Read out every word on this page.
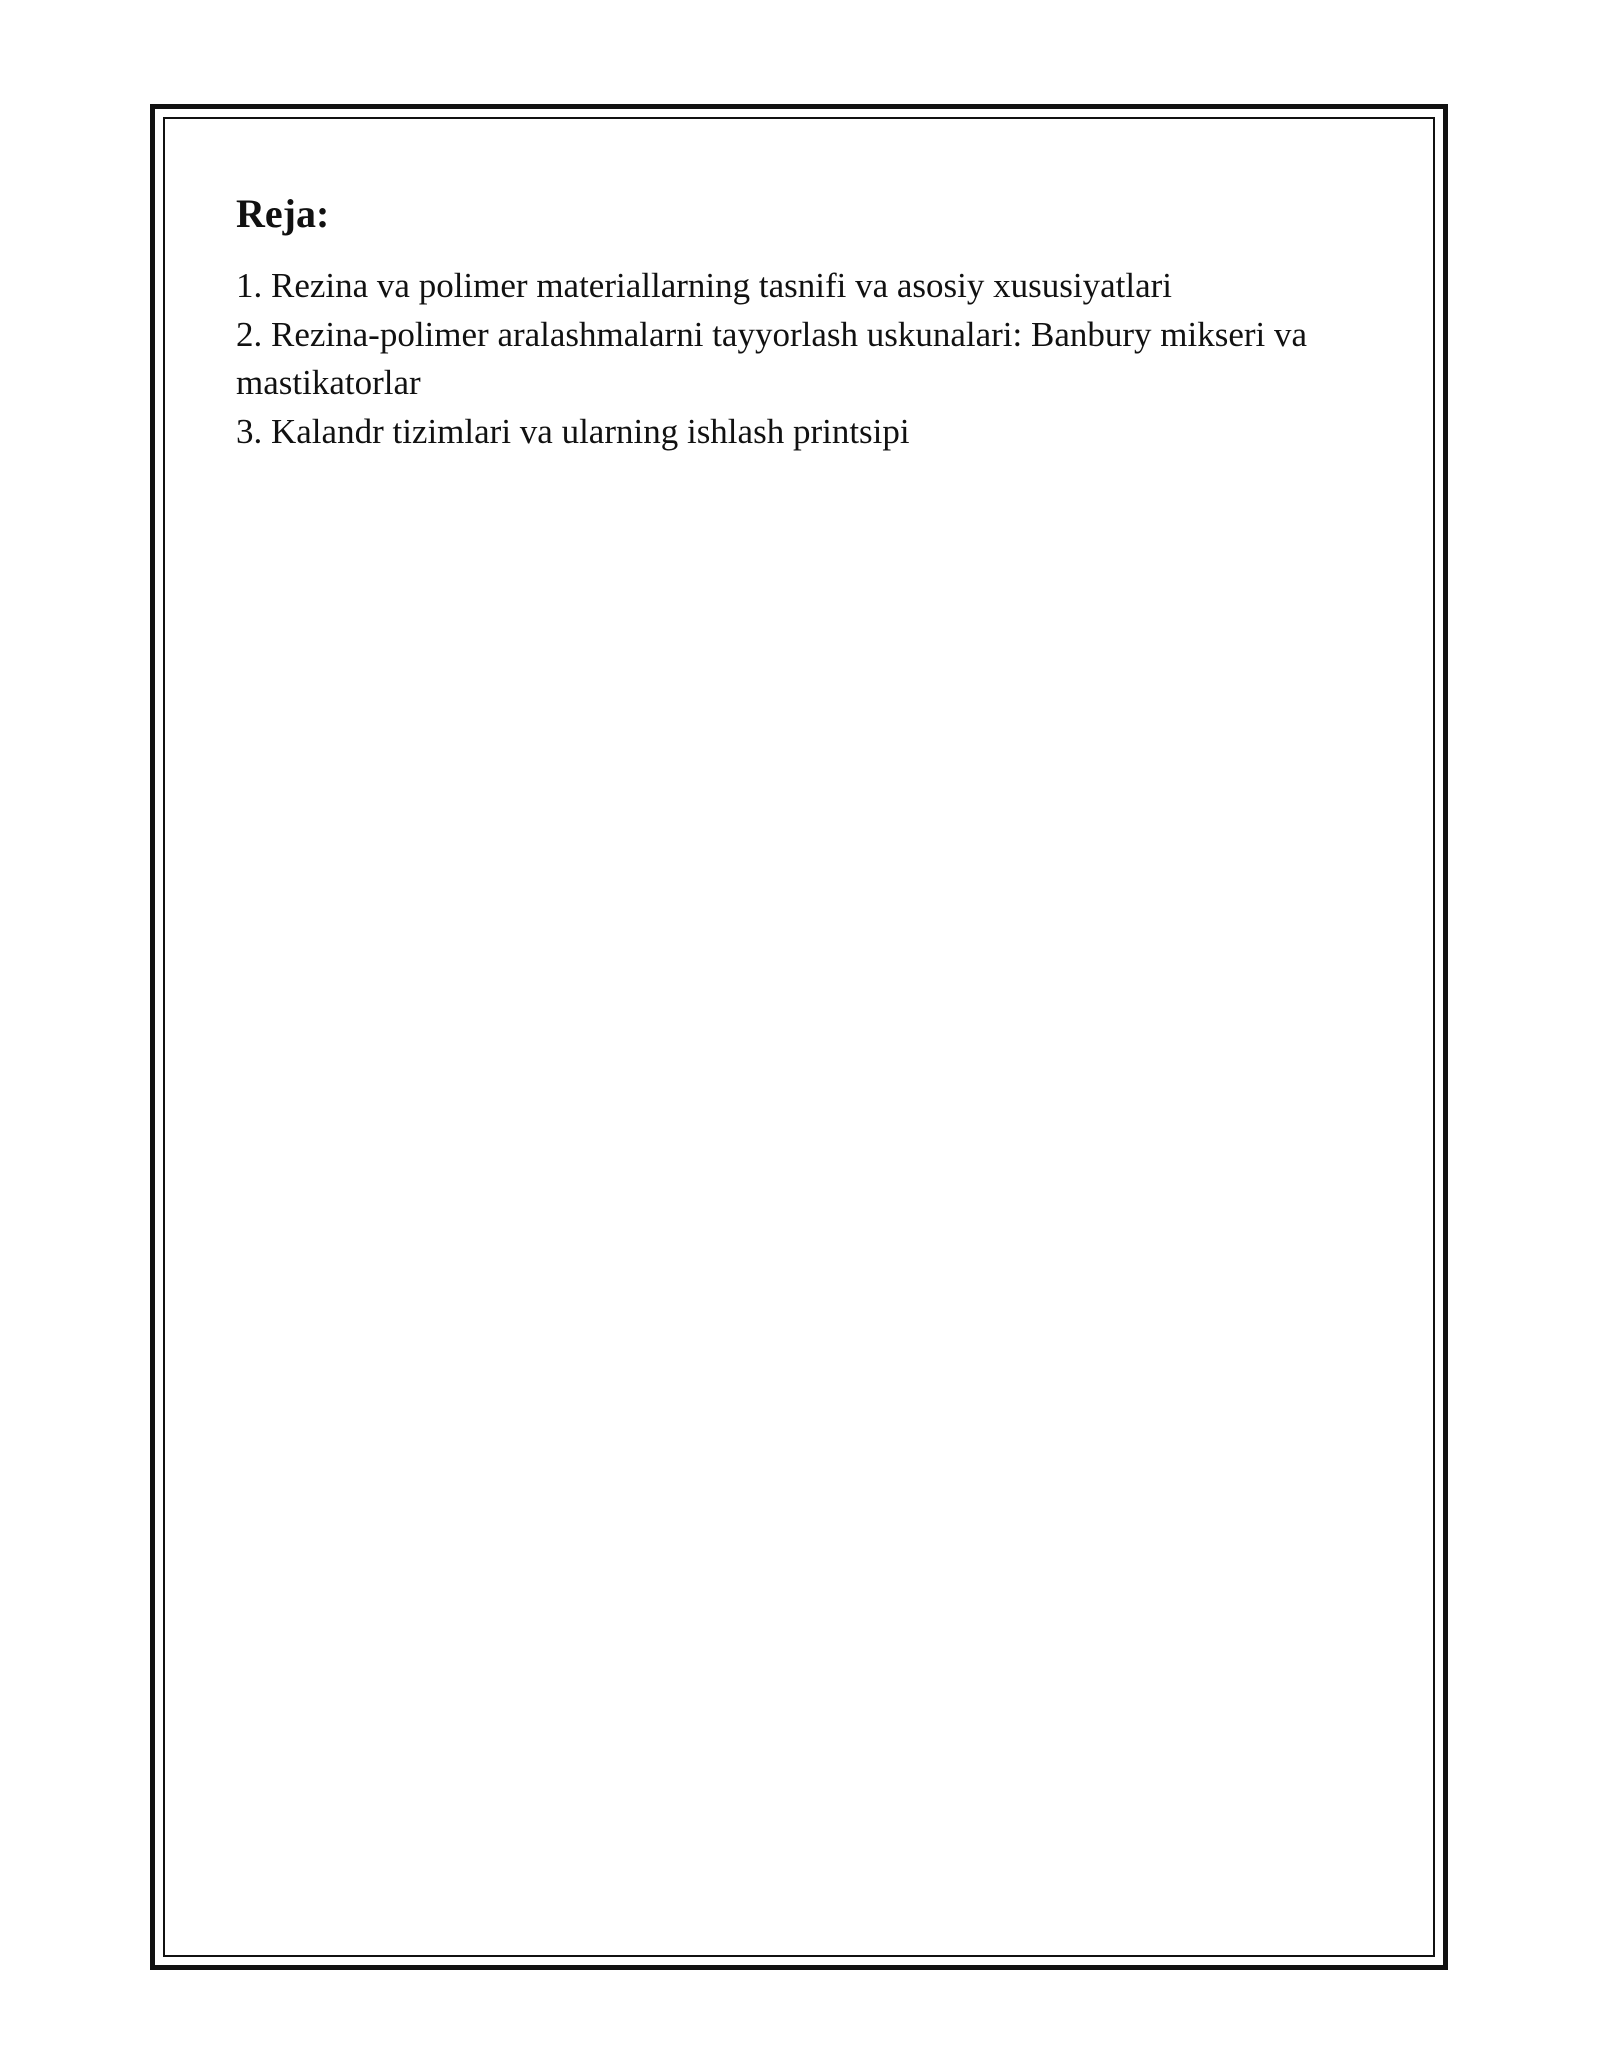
Reja:
1. Rezina va polimer materiallarning tasnifi va asosiy xususiyatlari
2. Rezina-polimer aralashmalarni tayyorlash uskunalari: Banbury mikseri va mastikatorlar
3. Kalandr tizimlari va ularning ishlash printsipi
